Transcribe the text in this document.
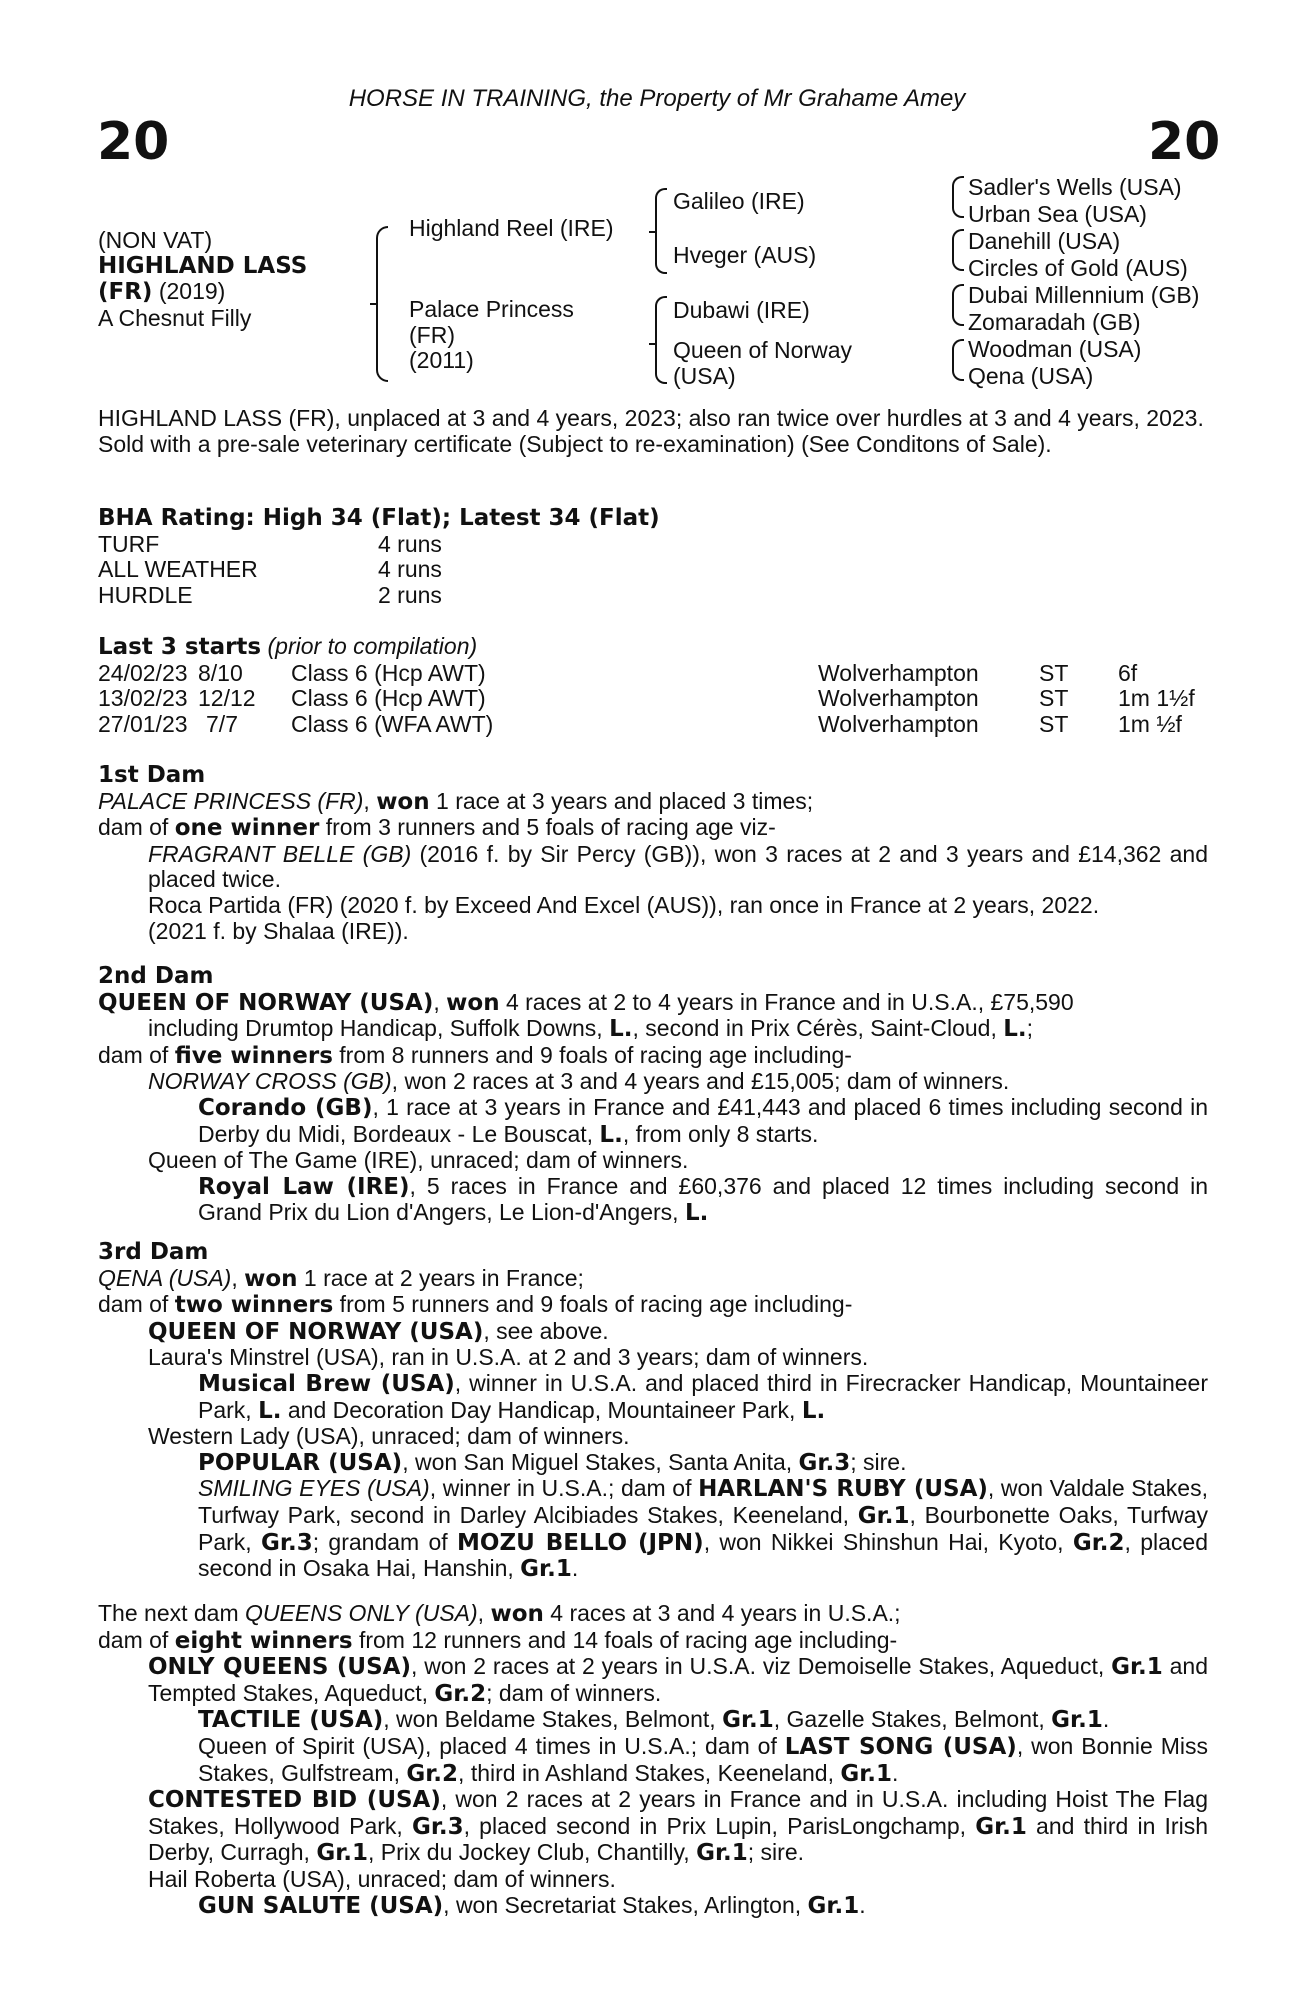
HORSE IN TRAINING, the Property of Mr Grahame Amey
20	20
(NON VAT)
HIGHLAND LASS
(FR) (2019)
A Chesnut Filly
Highland Reel (IRE)
Palace Princess
(FR)
(2011)
Galileo (IRE)
Hveger (AUS)
Dubawi (IRE)
Queen of Norway
(USA)
Sadler's Wells (USA)
Urban Sea (USA)
Danehill (USA)
Circles of Gold (AUS)
Dubai Millennium (GB)
Zomaradah (GB)
Woodman (USA)
Qena (USA)
HIGHLAND LASS (FR), unplaced at 3 and 4 years, 2023; also ran twice over hurdles at 3 and 4 years, 2023. Sold with a pre-sale veterinary certificate (Subject to re-examination) (See Conditons of Sale).
BHA Rating: High 34 (Flat); Latest 34 (Flat)
TURF	4 runs
ALL WEATHER	4 runs
HURDLE	2 runs
Last 3 starts (prior to compilation)
24/02/23 8/10 Class 6 (Hcp AWT)	Wolverhampton	ST 6f
13/02/23 12/12 Class 6 (Hcp AWT)	Wolverhampton	ST 1m 1½f
27/01/23 7/7 Class 6 (WFA AWT)	Wolverhampton	ST 1m ½f
1st Dam
PALACE PRINCESS (FR), won 1 race at 3 years and placed 3 times;
dam of one winner from 3 runners and 5 foals of racing age viz-
FRAGRANT BELLE (GB) (2016 f. by Sir Percy (GB)), won 3 races at 2 and 3 years and £14,362 and placed twice.
Roca Partida (FR) (2020 f. by Exceed And Excel (AUS)), ran once in France at 2 years, 2022.
(2021 f. by Shalaa (IRE)).
2nd Dam
QUEEN OF NORWAY (USA), won 4 races at 2 to 4 years in France and in U.S.A., £75,590
including Drumtop Handicap, Suffolk Downs, L., second in Prix Cérès, Saint-Cloud, L.;
dam of five winners from 8 runners and 9 foals of racing age including-
NORWAY CROSS (GB), won 2 races at 3 and 4 years and £15,005; dam of winners.
Corando (GB), 1 race at 3 years in France and £41,443 and placed 6 times including second in Derby du Midi, Bordeaux - Le Bouscat, L., from only 8 starts.
Queen of The Game (IRE), unraced; dam of winners.
Royal Law (IRE), 5 races in France and £60,376 and placed 12 times including second in Grand Prix du Lion d'Angers, Le Lion-d'Angers, L.
3rd Dam
QENA (USA), won 1 race at 2 years in France;
dam of two winners from 5 runners and 9 foals of racing age including-
QUEEN OF NORWAY (USA), see above.
Laura's Minstrel (USA), ran in U.S.A. at 2 and 3 years; dam of winners.
Musical Brew (USA), winner in U.S.A. and placed third in Firecracker Handicap, Mountaineer Park, L. and Decoration Day Handicap, Mountaineer Park, L.
Western Lady (USA), unraced; dam of winners.
POPULAR (USA), won San Miguel Stakes, Santa Anita, Gr.3; sire.
SMILING EYES (USA), winner in U.S.A.; dam of HARLAN'S RUBY (USA), won Valdale Stakes, Turfway Park, second in Darley Alcibiades Stakes, Keeneland, Gr.1, Bourbonette Oaks, Turfway Park, Gr.3; grandam of MOZU BELLO (JPN), won Nikkei Shinshun Hai, Kyoto, Gr.2, placed second in Osaka Hai, Hanshin, Gr.1.
The next dam QUEENS ONLY (USA), won 4 races at 3 and 4 years in U.S.A.;
dam of eight winners from 12 runners and 14 foals of racing age including-
ONLY QUEENS (USA), won 2 races at 2 years in U.S.A. viz Demoiselle Stakes, Aqueduct, Gr.1 and Tempted Stakes, Aqueduct, Gr.2; dam of winners.
TACTILE (USA), won Beldame Stakes, Belmont, Gr.1, Gazelle Stakes, Belmont, Gr.1.
Queen of Spirit (USA), placed 4 times in U.S.A.; dam of LAST SONG (USA), won Bonnie Miss Stakes, Gulfstream, Gr.2, third in Ashland Stakes, Keeneland, Gr.1.
CONTESTED BID (USA), won 2 races at 2 years in France and in U.S.A. including Hoist The Flag Stakes, Hollywood Park, Gr.3, placed second in Prix Lupin, ParisLongchamp, Gr.1 and third in Irish Derby, Curragh, Gr.1, Prix du Jockey Club, Chantilly, Gr.1; sire.
Hail Roberta (USA), unraced; dam of winners.
GUN SALUTE (USA), won Secretariat Stakes, Arlington, Gr.1.
